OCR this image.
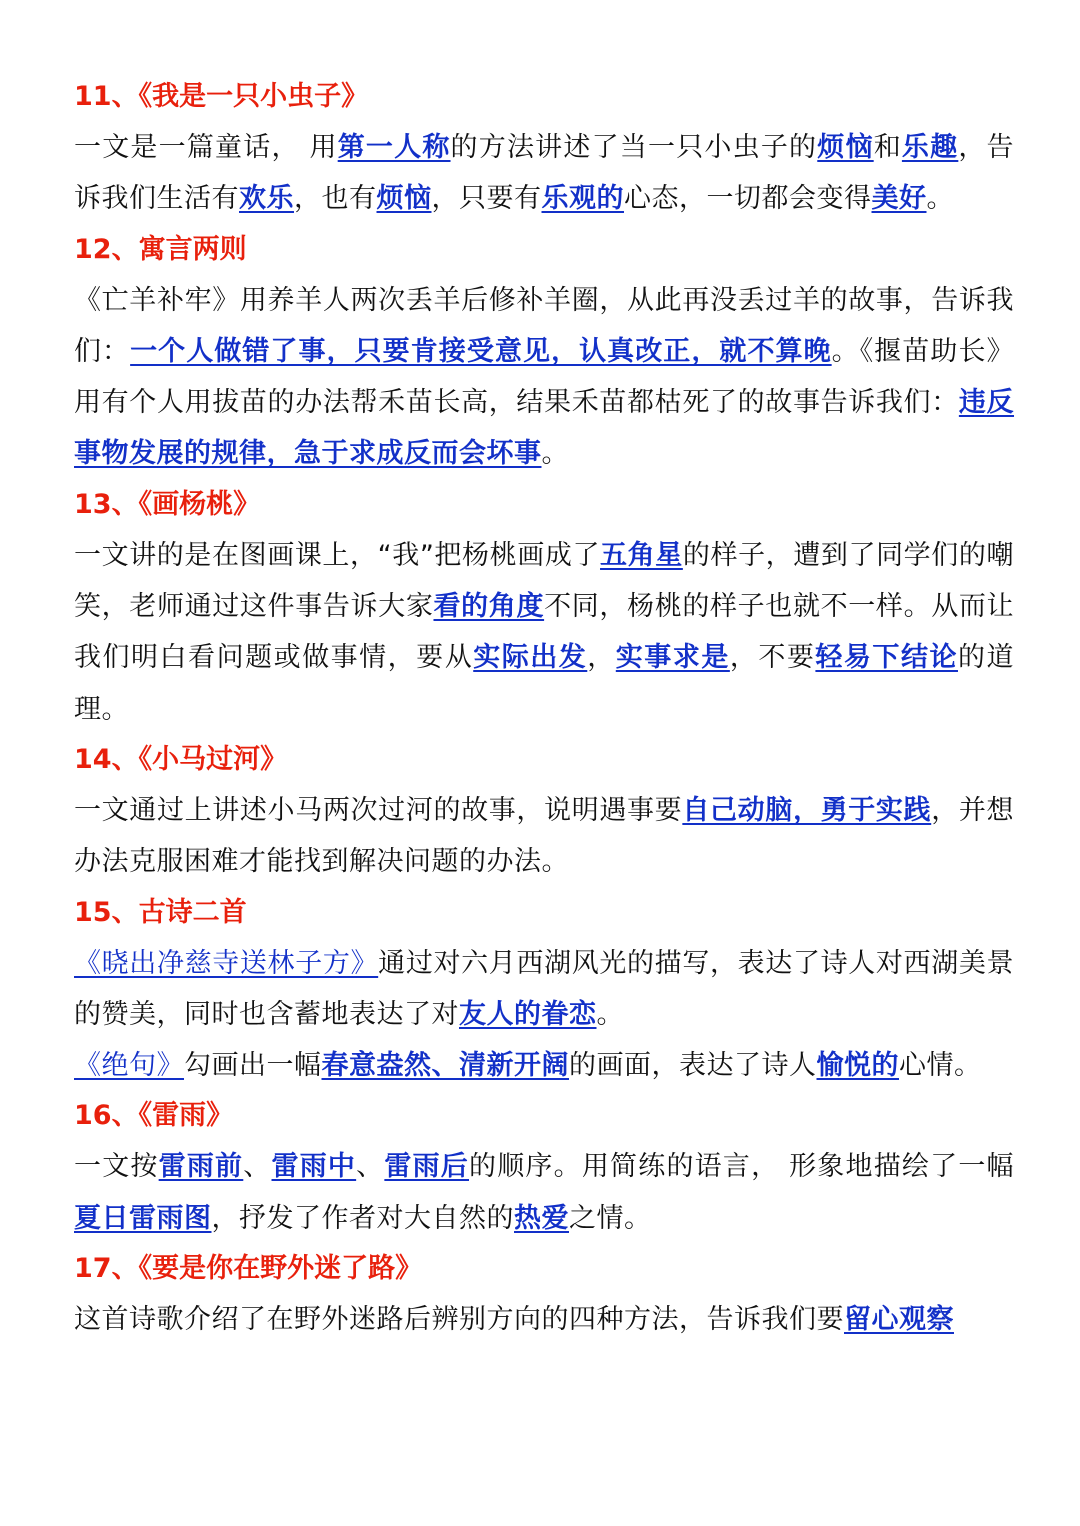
11、《我是一只小虫子》
一文是一篇童话， 用第一人称的方法讲述了当一只小虫子的烦恼和乐趣，告诉我们生活有欢乐，也有烦恼，只要有乐观的心态，一切都会变得美好。
12、寓言两则
《亡羊补牢》用养羊人两次丢羊后修补羊圈，从此再没丢过羊的故事，告诉我们：一个人做错了事，只要肯接受意见，认真改正，就不算晚。《揠苗助长》用有个人用拔苗的办法帮禾苗长高，结果禾苗都枯死了的故事告诉我们：违反事物发展的规律，急于求成反而会坏事。
13、《画杨桃》
一文讲的是在图画课上，“我”把杨桃画成了五角星的样子，遭到了同学们的嘲笑，老师通过这件事告诉大家看的角度不同，杨桃的样子也就不一样。从而让我们明白看问题或做事情，要从实际出发，实事求是，不要轻易下结论的道理。
14、《小马过河》
一文通过上讲述小马两次过河的故事，说明遇事要自己动脑，勇于实践，并想办法克服困难才能找到解决问题的办法。
15、古诗二首
《晓出净慈寺送林子方》通过对六月西湖风光的描写，表达了诗人对西湖美景的赞美，同时也含蓄地表达了对友人的眷恋。
《绝句》勾画出一幅春意盎然、清新开阔的画面，表达了诗人愉悦的心情。
16、《雷雨》
一文按雷雨前、雷雨中、雷雨后的顺序。用简练的语言， 形象地描绘了一幅夏日雷雨图，抒发了作者对大自然的热爱之情。
17、《要是你在野外迷了路》
这首诗歌介绍了在野外迷路后辨别方向的四种方法，告诉我们要留心观察
